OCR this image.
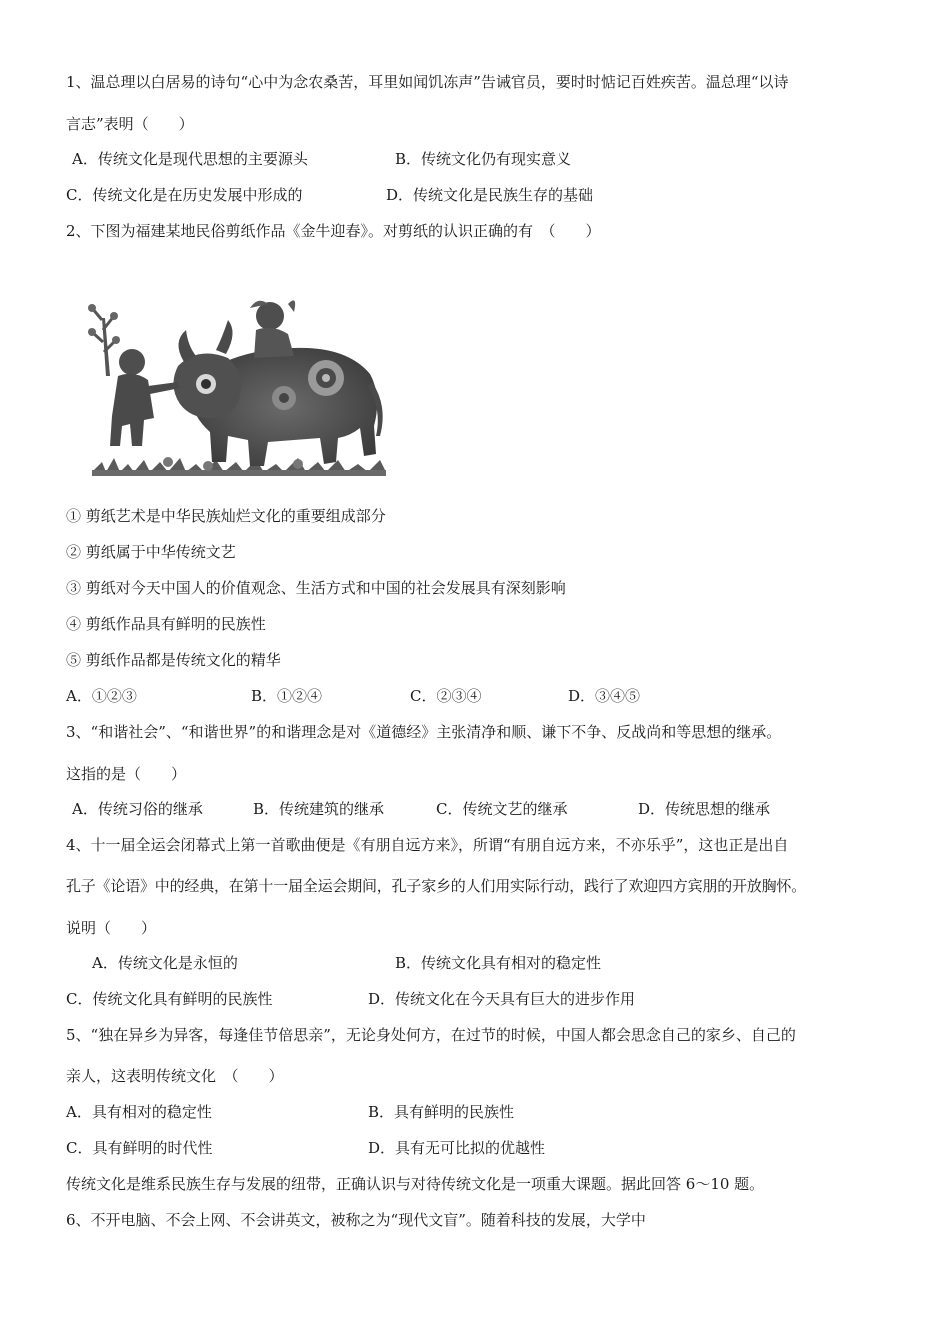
1、温总理以白居易的诗句“心中为念农桑苦，耳里如闻饥冻声”告诫官员，要时时惦记百姓疾苦。温总理“以诗
言志”表明（　　）
A．传统文化是现代思想的主要源头	B．传统文化仍有现实意义
C．传统文化是在历史发展中形成的	D．传统文化是民族生存的基础
2、下图为福建某地民俗剪纸作品《金牛迎春》。对剪纸的认识正确的有　（　　）
① 剪纸艺术是中华民族灿烂文化的重要组成部分
② 剪纸属于中华传统文艺
③ 剪纸对今天中国人的价值观念、生活方式和中国的社会发展具有深刻影响
④ 剪纸作品具有鲜明的民族性
⑤ 剪纸作品都是传统文化的精华
A．①②③	B．①②④	C．②③④	D．③④⑤
3、“和谐社会”、“和谐世界”的和谐理念是对《道德经》主张清净和顺、谦下不争、反战尚和等思想的继承。
这指的是（　　）
A．传统习俗的继承	B．传统建筑的继承	C．传统文艺的继承	D．传统思想的继承
4、十一届全运会闭幕式上第一首歌曲便是《有朋自远方来》，所谓“有朋自远方来，不亦乐乎”，这也正是出自
孔子《论语》中的经典，在第十一届全运会期间，孔子家乡的人们用实际行动，践行了欢迎四方宾朋的开放胸怀。
说明（　　）
A．传统文化是永恒的	B．传统文化具有相对的稳定性
C．传统文化具有鲜明的民族性	D．传统文化在今天具有巨大的进步作用
5、“独在异乡为异客，每逢佳节倍思亲”，无论身处何方，在过节的时候，中国人都会思念自己的家乡、自己的
亲人，这表明传统文化　（　　）
A．具有相对的稳定性	B．具有鲜明的民族性
C．具有鲜明的时代性	D．具有无可比拟的优越性
传统文化是维系民族生存与发展的纽带，正确认识与对待传统文化是一项重大课题。据此回答 6～10 题。
6、不开电脑、不会上网、不会讲英文，被称之为“现代文盲”。随着科技的发展，大学中
